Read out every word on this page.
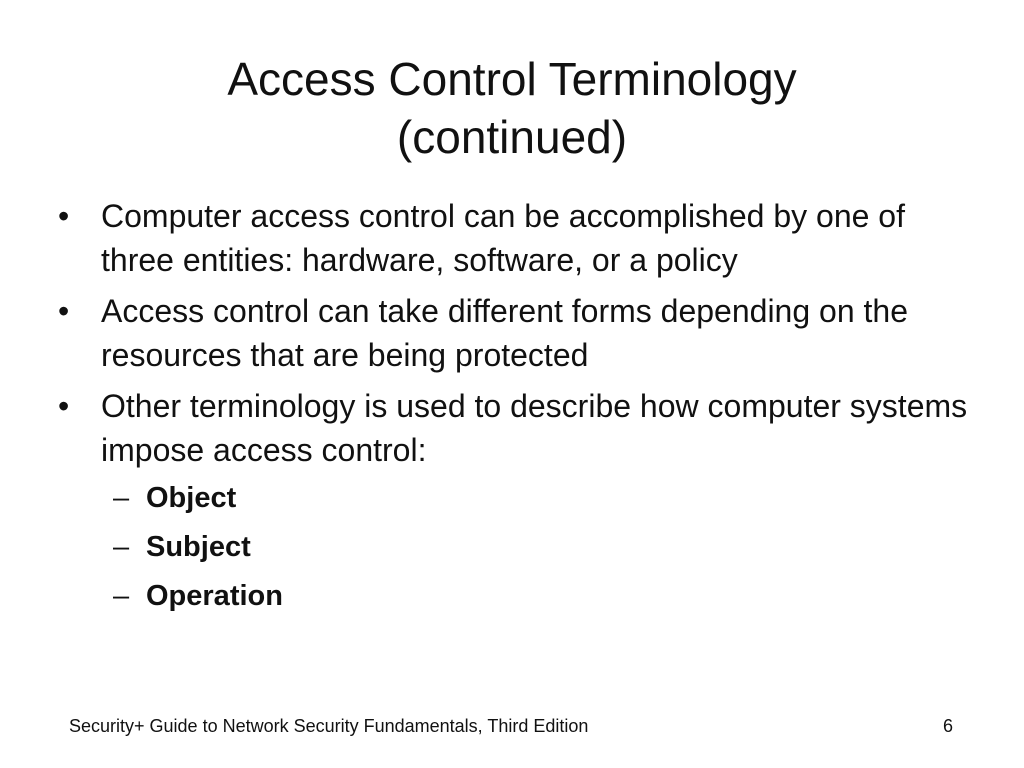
Access Control Terminology
(continued)
• Computer access control can be accomplished by one of three entities: hardware, software, or a policy
• Access control can take different forms depending on the resources that are being protected
• Other terminology is used to describe how computer systems impose access control:
– Object
– Subject
– Operation
Security+ Guide to Network Security Fundamentals, Third Edition	6
